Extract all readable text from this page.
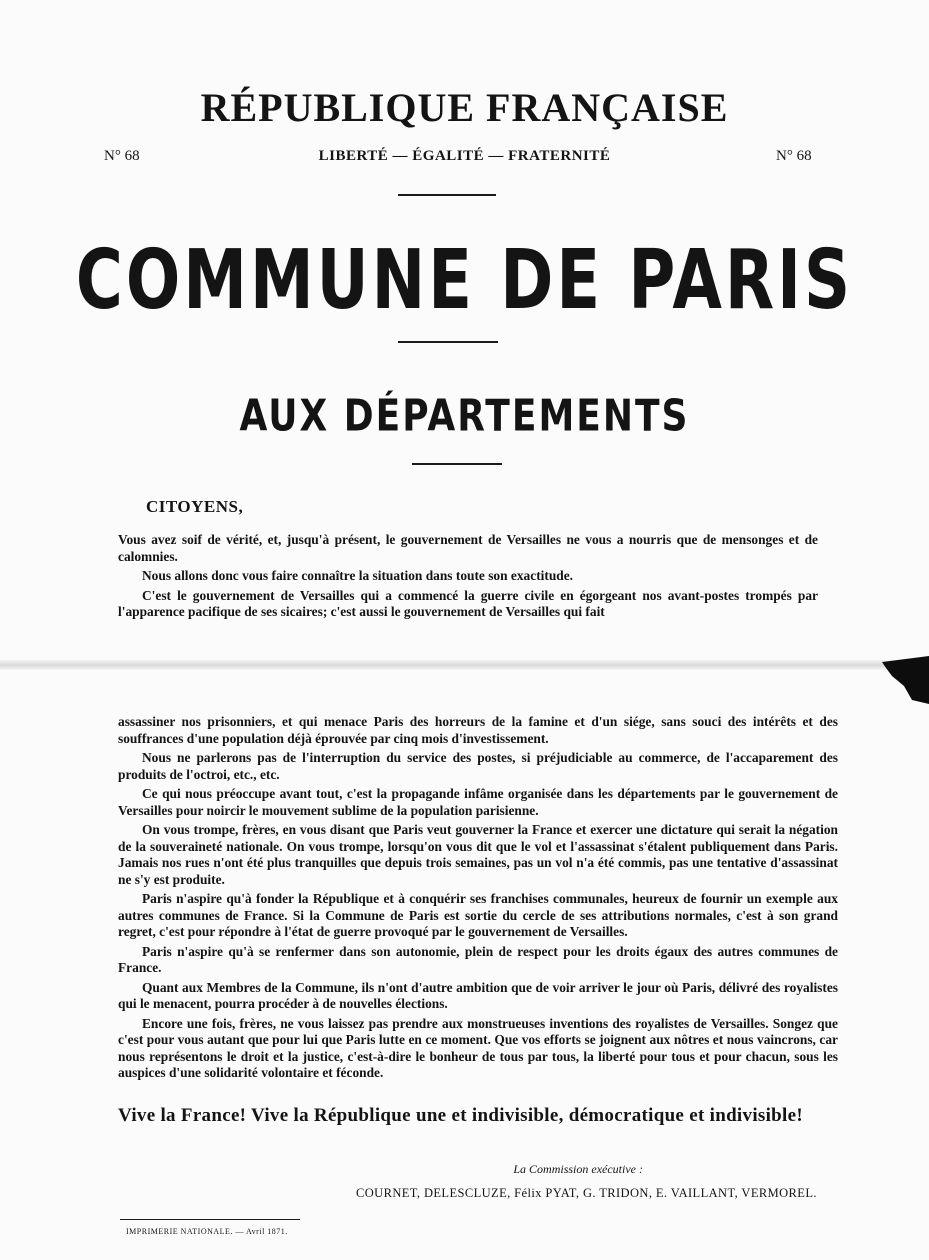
RÉPUBLIQUE FRANÇAISE
N° 68	LIBERTÉ — ÉGALITÉ — FRATERNITÉ	N° 68
COMMUNE DE PARIS
AUX DÉPARTEMENTS
CITOYENS,

Vous avez soif de vérité, et, jusqu'à présent, le gouvernement de Versailles ne vous a nourris que de mensonges et de calomnies.

Nous allons donc vous faire connaître la situation dans toute son exactitude.

C'est le gouvernement de Versailles qui a commencé la guerre civile en égorgeant nos avant-postes trompés par l'apparence pacifique de ses sicaires; c'est aussi le gouvernement de Versailles qui fait

assassiner nos prisonniers, et qui menace Paris des horreurs de la famine et d'un siége, sans souci des intérêts et des souffrances d'une population déjà éprouvée par cinq mois d'investissement.

Nous ne parlerons pas de l'interruption du service des postes, si préjudiciable au commerce, de l'accaparement des produits de l'octroi, etc., etc.

Ce qui nous préoccupe avant tout, c'est la propagande infâme organisée dans les départements par le gouvernement de Versailles pour noircir le mouvement sublime de la population parisienne.

On vous trompe, frères, en vous disant que Paris veut gouverner la France et exercer une dictature qui serait la négation de la souveraineté nationale. On vous trompe, lorsqu'on vous dit que le vol et l'assassinat s'étalent publiquement dans Paris. Jamais nos rues n'ont été plus tranquilles que depuis trois semaines, pas un vol n'a été commis, pas une tentative d'assassinat ne s'y est produite.

Paris n'aspire qu'à fonder la République et à conquérir ses franchises communales, heureux de fournir un exemple aux autres communes de France. Si la Commune de Paris est sortie du cercle de ses attributions normales, c'est à son grand regret, c'est pour répondre à l'état de guerre provoqué par le gouvernement de Versailles.

Paris n'aspire qu'à se renfermer dans son autonomie, plein de respect pour les droits égaux des autres communes de France.

Quant aux Membres de la Commune, ils n'ont d'autre ambition que de voir arriver le jour où Paris, délivré des royalistes qui le menacent, pourra procéder à de nouvelles élections.

Encore une fois, frères, ne vous laissez pas prendre aux monstrueuses inventions des royalistes de Versailles. Songez que c'est pour vous autant que pour lui que Paris lutte en ce moment. Que vos efforts se joignent aux nôtres et nous vaincrons, car nous représentons le droit et la justice, c'est-à-dire le bonheur de tous par tous, la liberté pour tous et pour chacun, sous les auspices d'une solidarité volontaire et féconde.

Vive la France! Vive la République une et indivisible, démocratique et indivisible!

La Commission exécutive :
COURNET, DELESCLUZE, Félix PYAT, G. TRIDON, E. VAILLANT, VERMOREL.
IMPRIMERIE NATIONALE. — Avril 1871.
